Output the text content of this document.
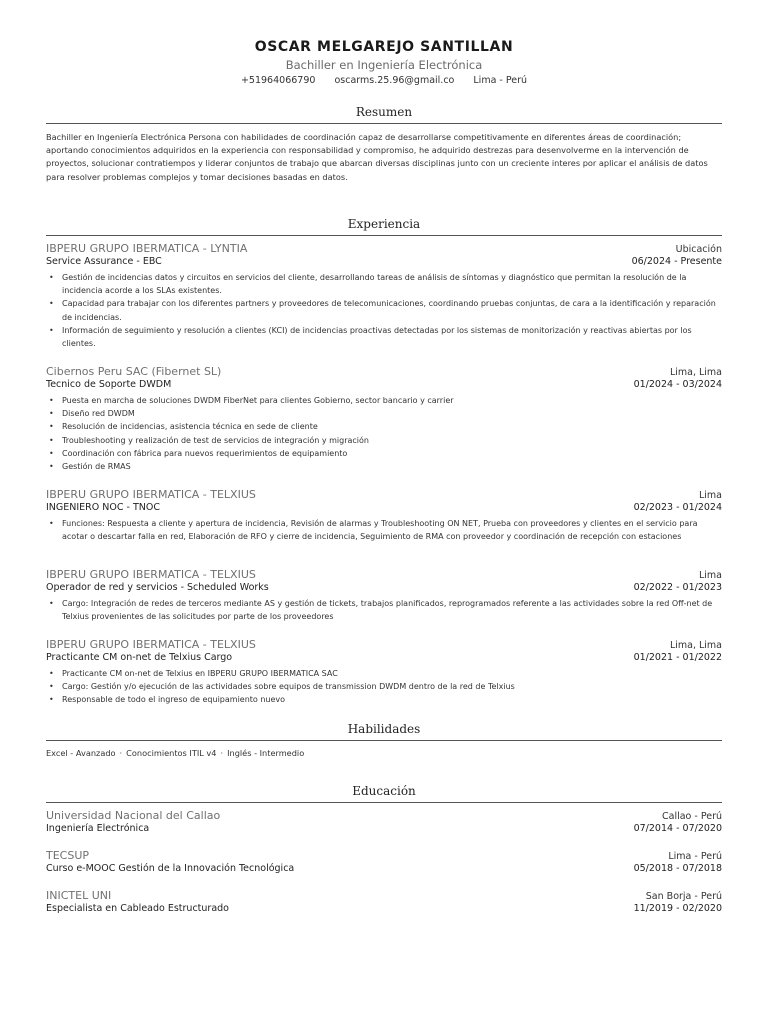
OSCAR MELGAREJO SANTILLAN
Bachiller en Ingeniería Electrónica
+51964066790 oscarms.25.96@gmail.co Lima - Perú
Resumen
Bachiller en Ingeniería Electrónica Persona con habilidades de coordinación capaz de desarrollarse competitivamente en diferentes áreas de coordinación; aportando conocimientos adquiridos en la experiencia con responsabilidad y compromiso, he adquirido destrezas para desenvolverme en la intervención de proyectos, solucionar contratiempos y liderar conjuntos de trabajo que abarcan diversas disciplinas junto con un creciente interes por aplicar el análisis de datos para resolver problemas complejos y tomar decisiones basadas en datos.
Experiencia
IBPERU GRUPO IBERMATICA - LYNTIA	Ubicación
Service Assurance - EBC	06/2024 - Presente
• Gestión de incidencias datos y circuitos en servicios del cliente, desarrollando tareas de análisis de síntomas y diagnóstico que permitan la resolución de la incidencia acorde a los SLAs existentes.
• Capacidad para trabajar con los diferentes partners y proveedores de telecomunicaciones, coordinando pruebas conjuntas, de cara a la identificación y reparación de incidencias.
• Información de seguimiento y resolución a clientes (KCI) de incidencias proactivas detectadas por los sistemas de monitorización y reactivas abiertas por los clientes.
Cibernos Peru SAC (Fibernet SL)	Lima, Lima
Tecnico de Soporte DWDM	01/2024 - 03/2024
• Puesta en marcha de soluciones DWDM FiberNet para clientes Gobierno, sector bancario y carrier
• Diseño red DWDM
• Resolución de incidencias, asistencia técnica en sede de cliente
• Troubleshooting y realización de test de servicios de integración y migración
• Coordinación con fábrica para nuevos requerimientos de equipamiento
• Gestión de RMAS
IBPERU GRUPO IBERMATICA - TELXIUS	Lima
INGENIERO NOC - TNOC	02/2023 - 01/2024
• Funciones: Respuesta a cliente y apertura de incidencia, Revisión de alarmas y Troubleshooting ON NET, Prueba con proveedores y clientes en el servicio para acotar o descartar falla en red, Elaboración de RFO y cierre de incidencia, Seguimiento de RMA con proveedor y coordinación de recepción con estaciones
IBPERU GRUPO IBERMATICA - TELXIUS	Lima
Operador de red y servicios - Scheduled Works	02/2022 - 01/2023
• Cargo: Integración de redes de terceros mediante AS y gestión de tickets, trabajos planificados, reprogramados referente a las actividades sobre la red Off-net de Telxius provenientes de las solicitudes por parte de los proveedores
IBPERU GRUPO IBERMATICA - TELXIUS	Lima, Lima
Practicante CM on-net de Telxius Cargo	01/2021 - 01/2022
• Practicante CM on-net de Telxius en IBPERU GRUPO IBERMATICA SAC
• Cargo: Gestión y/o ejecución de las actividades sobre equipos de transmission DWDM dentro de la red de Telxius
• Responsable de todo el ingreso de equipamiento nuevo
Habilidades
Excel - Avanzado · Conocimientos ITIL v4 · Inglés - Intermedio
Educación
Universidad Nacional del Callao	Callao - Perú
Ingeniería Electrónica	07/2014 - 07/2020
TECSUP	Lima - Perú
Curso e-MOOC Gestión de la Innovación Tecnológica	05/2018 - 07/2018
INICTEL UNI	San Borja - Perú
Especialista en Cableado Estructurado	11/2019 - 02/2020
